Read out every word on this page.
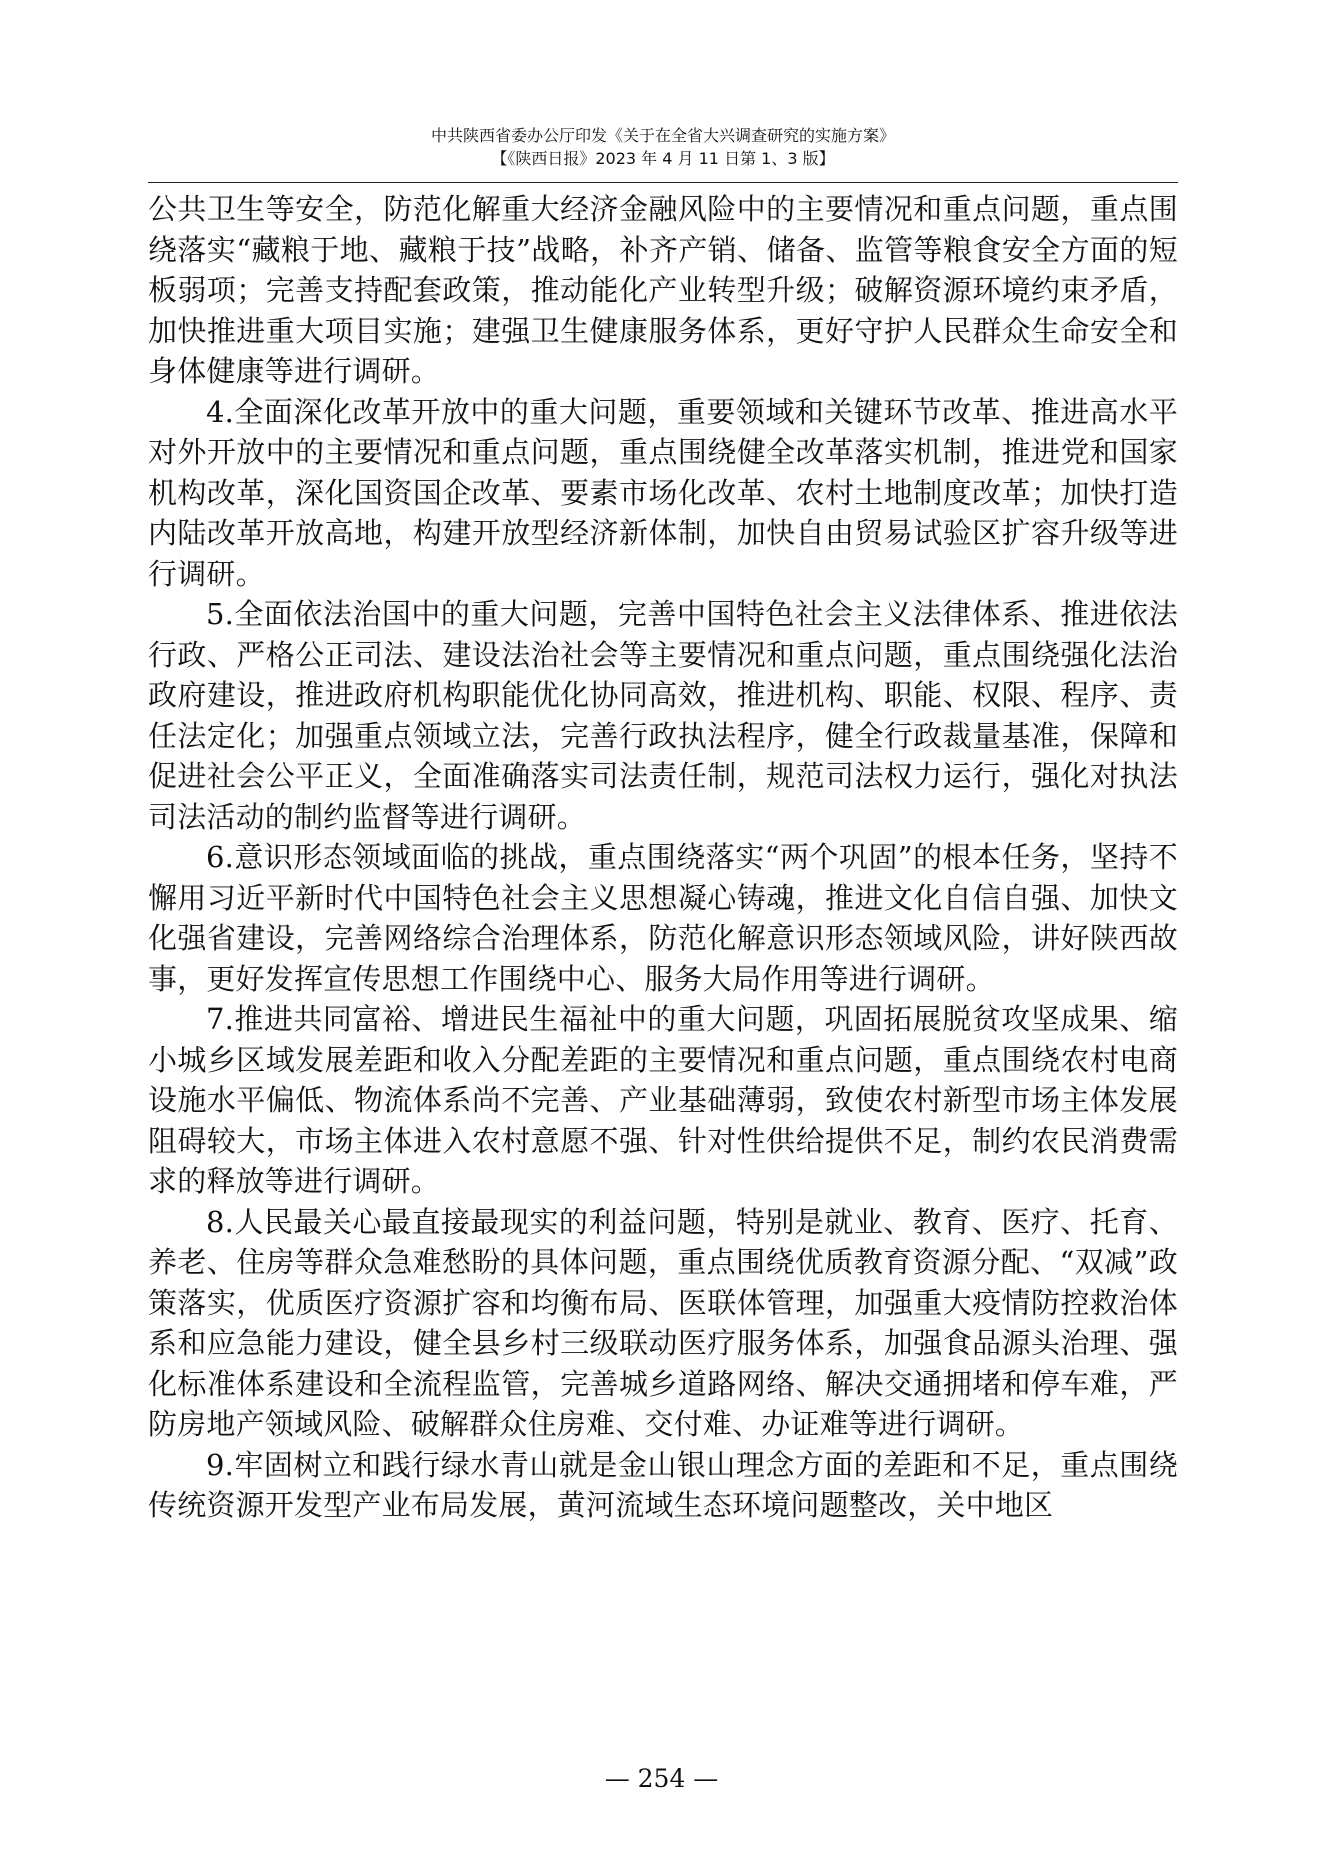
中共陕西省委办公厅印发《关于在全省大兴调查研究的实施方案》
【《陕西日报》2023 年 4 月 11 日第 1、3 版】

公共卫生等安全，防范化解重大经济金融风险中的主要情况和重点问题，重点围绕落实“藏粮于地、藏粮于技”战略，补齐产销、储备、监管等粮食安全方面的短板弱项；完善支持配套政策，推动能化产业转型升级；破解资源环境约束矛盾，加快推进重大项目实施；建强卫生健康服务体系，更好守护人民群众生命安全和身体健康等进行调研。

4.全面深化改革开放中的重大问题，重要领域和关键环节改革、推进高水平对外开放中的主要情况和重点问题，重点围绕健全改革落实机制，推进党和国家机构改革，深化国资国企改革、要素市场化改革、农村土地制度改革；加快打造内陆改革开放高地，构建开放型经济新体制，加快自由贸易试验区扩容升级等进行调研。

5.全面依法治国中的重大问题，完善中国特色社会主义法律体系、推进依法行政、严格公正司法、建设法治社会等主要情况和重点问题，重点围绕强化法治政府建设，推进政府机构职能优化协同高效，推进机构、职能、权限、程序、责任法定化；加强重点领域立法，完善行政执法程序，健全行政裁量基准，保障和促进社会公平正义，全面准确落实司法责任制，规范司法权力运行，强化对执法司法活动的制约监督等进行调研。

6.意识形态领域面临的挑战，重点围绕落实“两个巩固”的根本任务，坚持不懈用习近平新时代中国特色社会主义思想凝心铸魂，推进文化自信自强、加快文化强省建设，完善网络综合治理体系，防范化解意识形态领域风险，讲好陕西故事，更好发挥宣传思想工作围绕中心、服务大局作用等进行调研。

7.推进共同富裕、增进民生福祉中的重大问题，巩固拓展脱贫攻坚成果、缩小城乡区域发展差距和收入分配差距的主要情况和重点问题，重点围绕农村电商设施水平偏低、物流体系尚不完善、产业基础薄弱，致使农村新型市场主体发展阻碍较大，市场主体进入农村意愿不强、针对性供给提供不足，制约农民消费需求的释放等进行调研。

8.人民最关心最直接最现实的利益问题，特别是就业、教育、医疗、托育、养老、住房等群众急难愁盼的具体问题，重点围绕优质教育资源分配、“双减”政策落实，优质医疗资源扩容和均衡布局、医联体管理，加强重大疫情防控救治体系和应急能力建设，健全县乡村三级联动医疗服务体系，加强食品源头治理、强化标准体系建设和全流程监管，完善城乡道路网络、解决交通拥堵和停车难，严防房地产领域风险、破解群众住房难、交付难、办证难等进行调研。

9.牢固树立和践行绿水青山就是金山银山理念方面的差距和不足，重点围绕传统资源开发型产业布局发展，黄河流域生态环境问题整改，关中地区

— 254 —
